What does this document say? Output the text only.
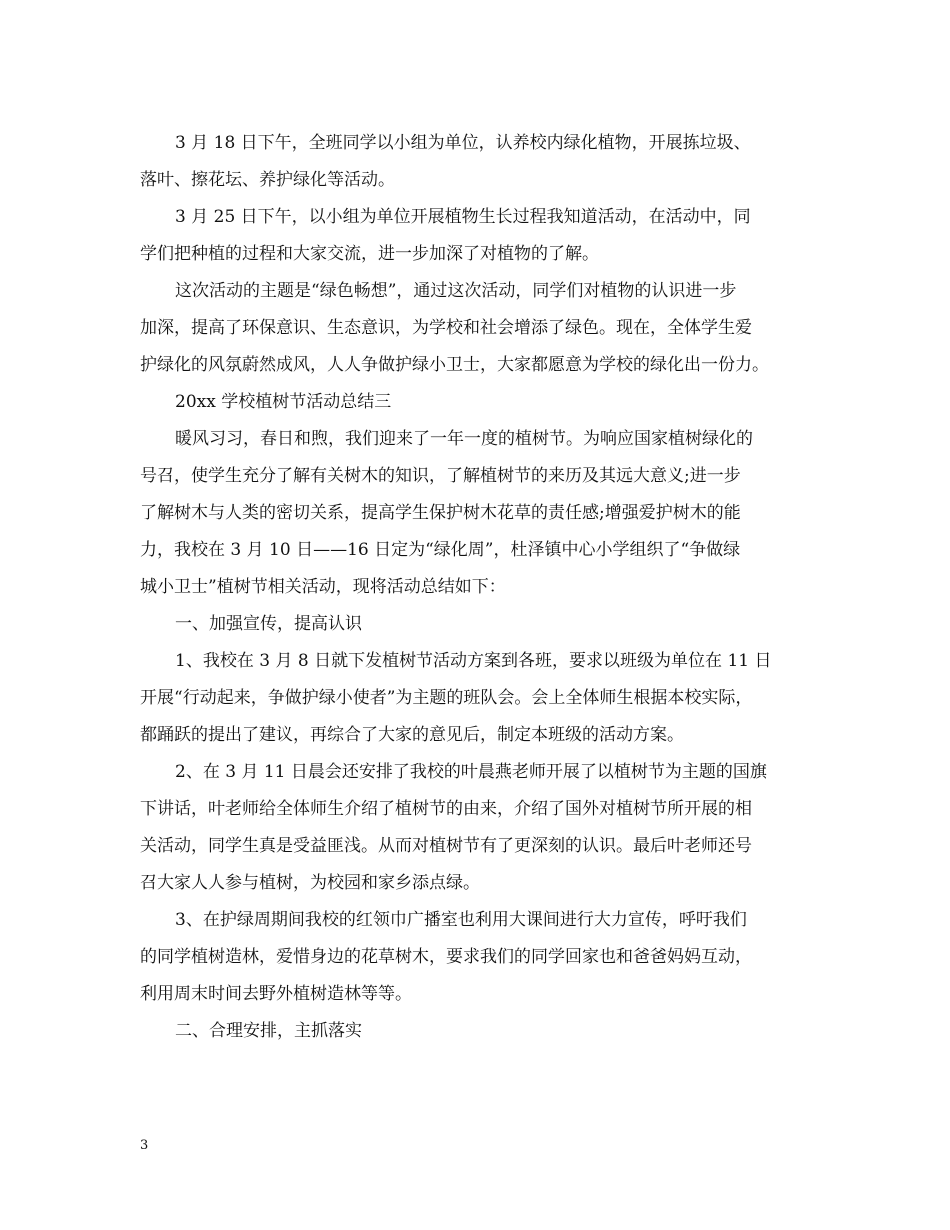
3 月 18 日下午，全班同学以小组为单位，认养校内绿化植物，开展拣垃圾、
落叶、擦花坛、养护绿化等活动。
3 月 25 日下午，以小组为单位开展植物生长过程我知道活动，在活动中，同
学们把种植的过程和大家交流，进一步加深了对植物的了解。
这次活动的主题是“绿色畅想”，通过这次活动，同学们对植物的认识进一步
加深，提高了环保意识、生态意识，为学校和社会增添了绿色。现在，全体学生爱
护绿化的风氛蔚然成风，人人争做护绿小卫士，大家都愿意为学校的绿化出一份力。
20xx 学校植树节活动总结三
暖风习习，春日和煦，我们迎来了一年一度的植树节。为响应国家植树绿化的
号召，使学生充分了解有关树木的知识，了解植树节的来历及其远大意义;进一步
了解树木与人类的密切关系，提高学生保护树木花草的责任感;增强爱护树木的能
力，我校在 3 月 10 日——16 日定为“绿化周”，杜泽镇中心小学组织了“争做绿
城小卫士”植树节相关活动，现将活动总结如下：
一、加强宣传，提高认识
1、我校在 3 月 8 日就下发植树节活动方案到各班，要求以班级为单位在 11 日
开展“行动起来，争做护绿小使者”为主题的班队会。会上全体师生根据本校实际，
都踊跃的提出了建议，再综合了大家的意见后，制定本班级的活动方案。
2、在 3 月 11 日晨会还安排了我校的叶晨燕老师开展了以植树节为主题的国旗
下讲话，叶老师给全体师生介绍了植树节的由来，介绍了国外对植树节所开展的相
关活动，同学生真是受益匪浅。从而对植树节有了更深刻的认识。最后叶老师还号
召大家人人参与植树，为校园和家乡添点绿。
3、在护绿周期间我校的红领巾广播室也利用大课间进行大力宣传，呼吁我们
的同学植树造林，爱惜身边的花草树木，要求我们的同学回家也和爸爸妈妈互动，
利用周末时间去野外植树造林等等。
二、合理安排，主抓落实
3
